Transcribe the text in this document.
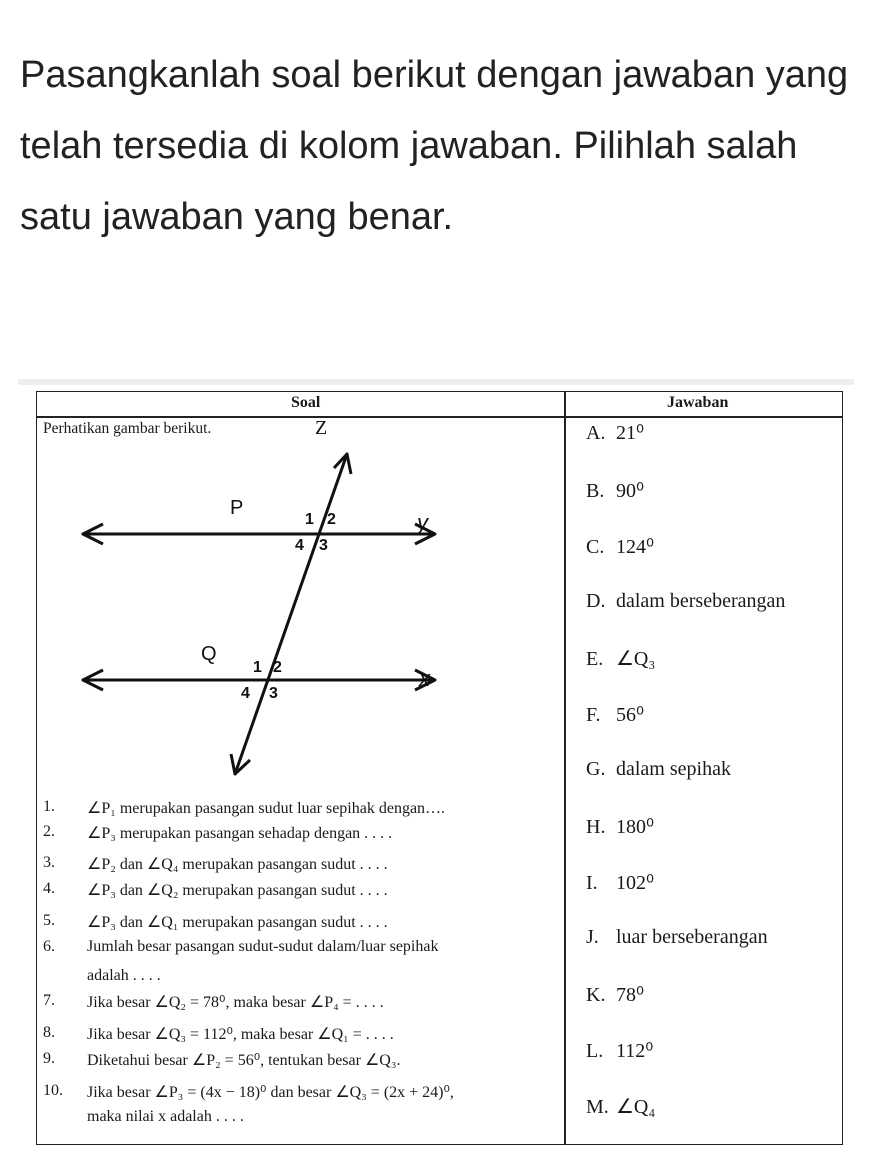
Pasangkanlah soal berikut dengan jawaban yang telah tersedia di kolom jawaban. Pilihlah salah satu jawaban yang benar.
Soal	Jawaban
Perhatikan gambar berikut.	Z
P
Q
y
x
1 2
4 3
1 2
4 3
1. ∠P₁ merupakan pasangan sudut luar sepihak dengan….
2. ∠P₃ merupakan pasangan sehadap dengan . . . .
3. ∠P₂ dan ∠Q₄ merupakan pasangan sudut . . . .
4. ∠P₃ dan ∠Q₂ merupakan pasangan sudut . . . .
5. ∠P₃ dan ∠Q₁ merupakan pasangan sudut . . . .
6. Jumlah besar pasangan sudut-sudut dalam/luar sepihak
adalah . . . .
7. Jika besar ∠Q₂ = 78⁰, maka besar ∠P₄ = . . . .
8. Jika besar ∠Q₃ = 112⁰, maka besar ∠Q₁ = . . . .
9. Diketahui besar ∠P₂ = 56⁰, tentukan besar ∠Q₃.
10. Jika besar ∠P₃ = (4x − 18)⁰ dan besar ∠Q₃ = (2x + 24)⁰,
maka nilai x adalah . . . .
A. 21⁰
B. 90⁰
C. 124⁰
D. dalam berseberangan
E. ∠Q₃
F. 56⁰
G. dalam sepihak
H. 180⁰
I. 102⁰
J. luar berseberangan
K. 78⁰
L. 112⁰
M. ∠Q₄
